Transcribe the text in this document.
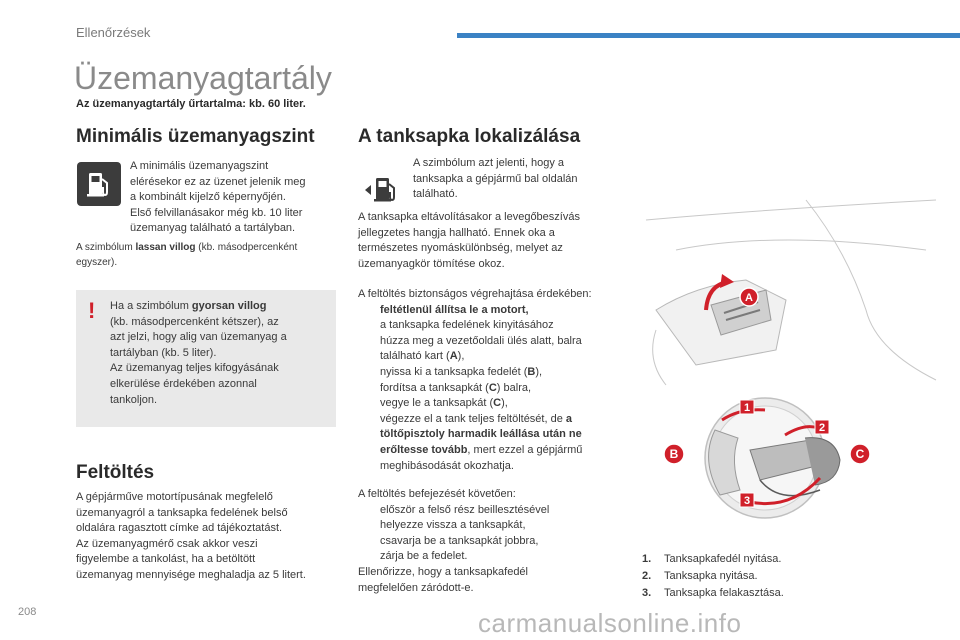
Ellenőrzések
Üzemanyagtartály
Az üzemanyagtartály űrtartalma: kb. 60 liter.
Minimális üzemanyagszint
A minimális üzemanyagszint
elérésekor ez az üzenet jelenik meg
a kombinált kijelző képernyőjén.
Első felvillanásakor még kb. 10 liter
üzemanyag található a tartályban.
A szimbólum lassan villog (kb. másodpercenként
egyszer).
! Ha a szimbólum gyorsan villog
(kb. másodpercenként kétszer), az
azt jelzi, hogy alig van üzemanyag a
tartályban (kb. 5 liter).
Az üzemanyag teljes kifogyásának
elkerülése érdekében azonnal
tankoljon.
Feltöltés
A gépjárműve motortípusának megfelelő
üzemanyagról a tanksapka fedelének belső
oldalára ragasztott címke ad tájékoztatást.
Az üzemanyagmérő csak akkor veszi
figyelembe a tankolást, ha a betöltött
üzemanyag mennyisége meghaladja az 5 litert.
A tanksapka lokalizálása
A szimbólum azt jelenti, hogy a
tanksapka a gépjármű bal oldalán
található.
A tanksapka eltávolításakor a levegőbeszívás
jellegzetes hangja hallható. Ennek oka a
természetes nyomáskülönbség, melyet az
üzemanyagkör tömítése okoz.
A feltöltés biztonságos végrehajtása érdekében:
feltétlenül állítsa le a motort,
a tanksapka fedelének kinyitásához
húzza meg a vezetőoldali ülés alatt, balra
található kart (A),
nyissa ki a tanksapka fedelét (B),
fordítsa a tanksapkát (C) balra,
vegye le a tanksapkát (C),
végezze el a tank teljes feltöltését, de a
töltőpisztoly harmadik leállása után ne
erőltesse tovább, mert ezzel a gépjármű
meghibásodását okozhatja.
A feltöltés befejezését követően:
először a felső rész beillesztésével
helyezze vissza a tanksapkát,
csavarja be a tanksapkát jobbra,
zárja be a fedelet.
Ellenőrizze, hogy a tanksapkafedél
megfelelően záródott-e.
A
1
2
3
B	C
1. Tanksapkafedél nyitása.
2. Tanksapka nyitása.
3. Tanksapka felakasztása.
208	carmanualsonline.info
